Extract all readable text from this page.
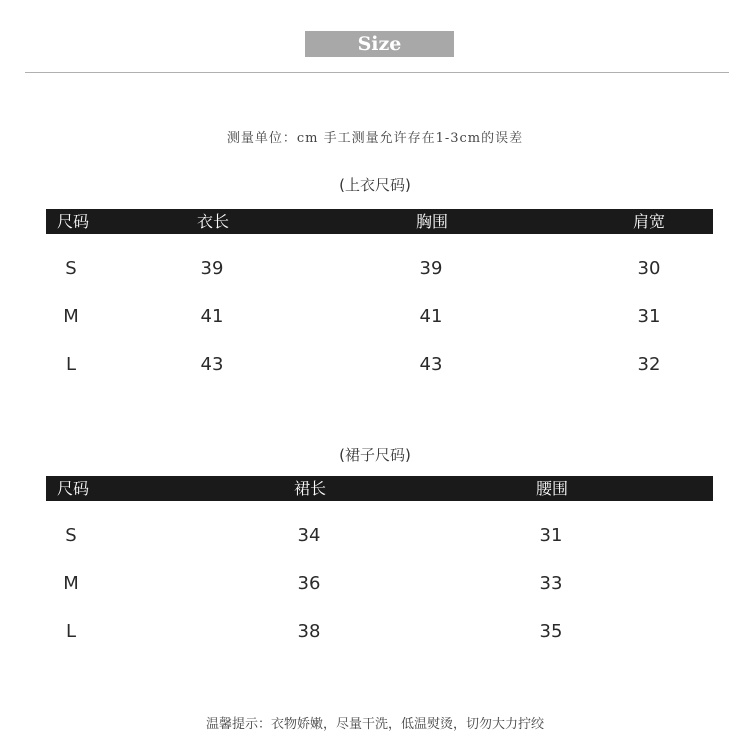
Size
测量单位：cm 手工测量允许存在1-3cm的误差
(上衣尺码)
尺码	衣长	胸围	肩宽
S	39	39	30
M	41	41	31
L	43	43	32
(裙子尺码)
尺码	裙长	腰围
S	34	31
M	36	33
L	38	35
温馨提示：衣物娇嫩，尽量干洗，低温熨烫，切勿大力拧绞
